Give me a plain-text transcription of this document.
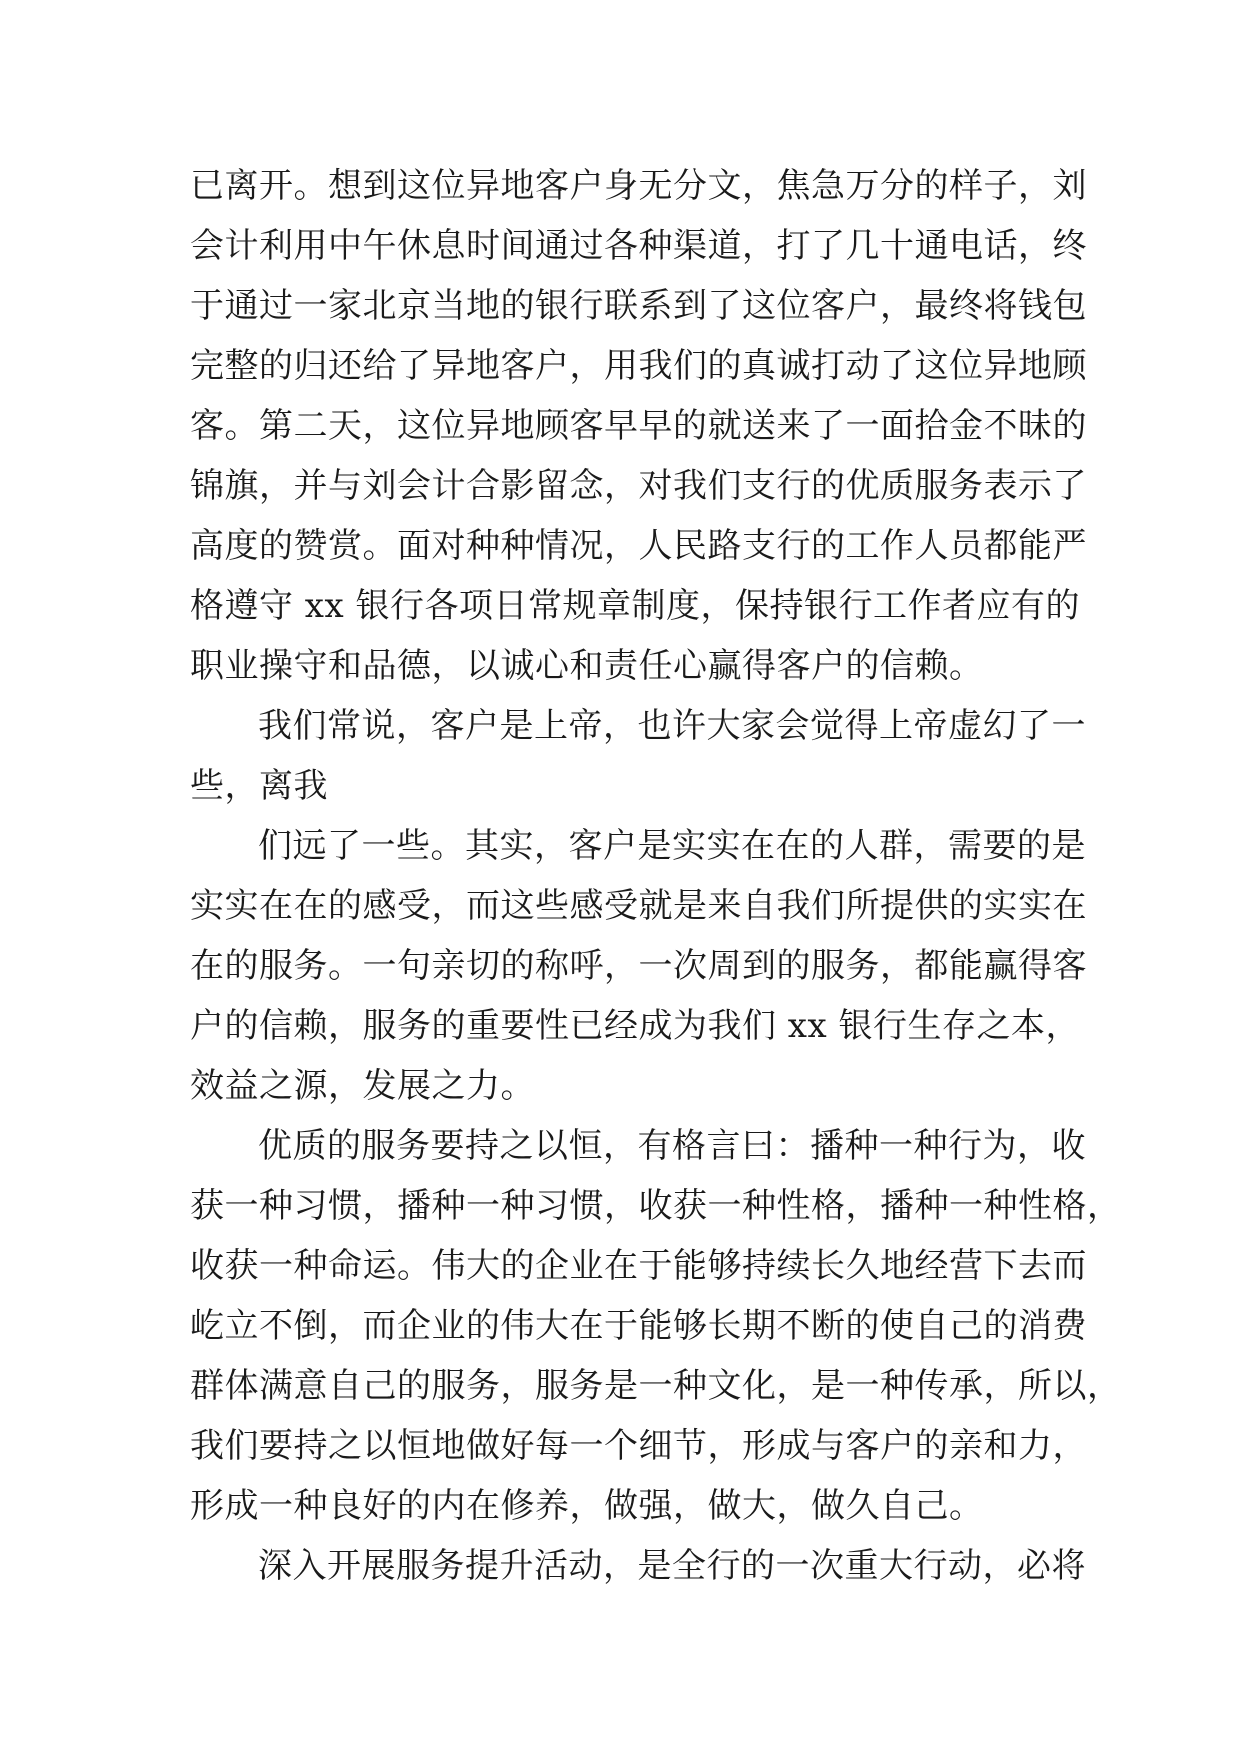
已离开。想到这位异地客户身无分文，焦急万分的样子，刘
会计利用中午休息时间通过各种渠道，打了几十通电话，终
于通过一家北京当地的银行联系到了这位客户，最终将钱包
完整的归还给了异地客户，用我们的真诚打动了这位异地顾
客。第二天，这位异地顾客早早的就送来了一面拾金不昧的
锦旗，并与刘会计合影留念，对我们支行的优质服务表示了
高度的赞赏。面对种种情况，人民路支行的工作人员都能严
格遵守 xx 银行各项日常规章制度，保持银行工作者应有的
职业操守和品德，以诚心和责任心赢得客户的信赖。
我们常说，客户是上帝，也许大家会觉得上帝虚幻了一
些，离我
们远了一些。其实，客户是实实在在的人群，需要的是
实实在在的感受，而这些感受就是来自我们所提供的实实在
在的服务。一句亲切的称呼，一次周到的服务，都能赢得客
户的信赖，服务的重要性已经成为我们 xx 银行生存之本，
效益之源，发展之力。
优质的服务要持之以恒，有格言曰：播种一种行为，收
获一种习惯，播种一种习惯，收获一种性格，播种一种性格，
收获一种命运。伟大的企业在于能够持续长久地经营下去而
屹立不倒，而企业的伟大在于能够长期不断的使自己的消费
群体满意自己的服务，服务是一种文化，是一种传承，所以，
我们要持之以恒地做好每一个细节，形成与客户的亲和力，
形成一种良好的内在修养，做强，做大，做久自己。
深入开展服务提升活动，是全行的一次重大行动，必将
